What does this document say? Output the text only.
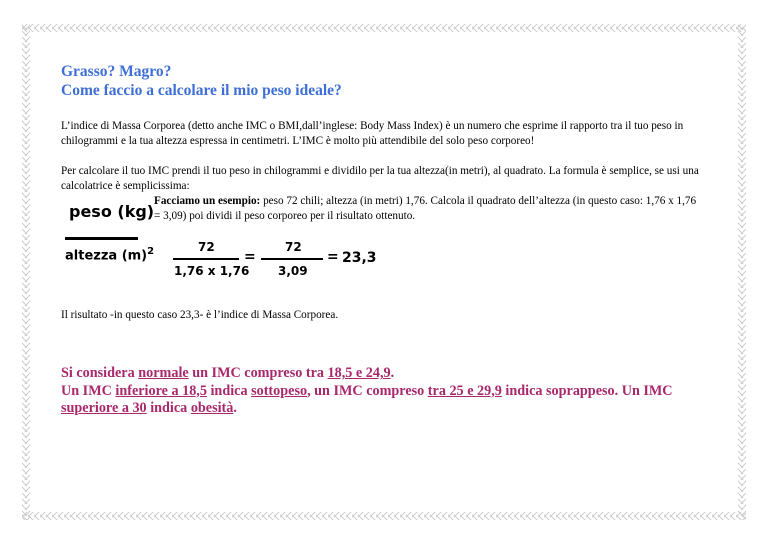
Grasso? Magro?
Come faccio a calcolare il mio peso ideale?

L’indice di Massa Corporea (detto anche IMC o BMI,dall’inglese: Body Mass Index) è un numero che esprime il rapporto tra il tuo peso in chilogrammi e la tua altezza espressa in centimetri. L’IMC è molto più attendibile del solo peso corporeo!

Per calcolare il tuo IMC prendi il tuo peso in chilogrammi e dividilo per la tua altezza(in metri), al quadrato. La formula è semplice, se usi una calcolatrice è semplicissima:

Facciamo un esempio: peso 72 chili; altezza (in metri) 1,76. Calcola il quadrato dell’altezza (in questo caso: 1,76 x 1,76 = 3,09) poi dividi il peso corporeo per il risultato ottenuto.

peso (kg)
altezza $(m)^2$	72
1,76 x 1,76
=
72
3,09
= 23,3

Il risultato -in questo caso 23,3- è l’indice di Massa Corporea.

Si considera normale un IMC compreso tra 18,5 e 24,9.
Un IMC inferiore a 18,5 indica sottopeso, un IMC compreso tra 25 e 29,9 indica soprappeso. Un IMC superiore a 30 indica obesità.
